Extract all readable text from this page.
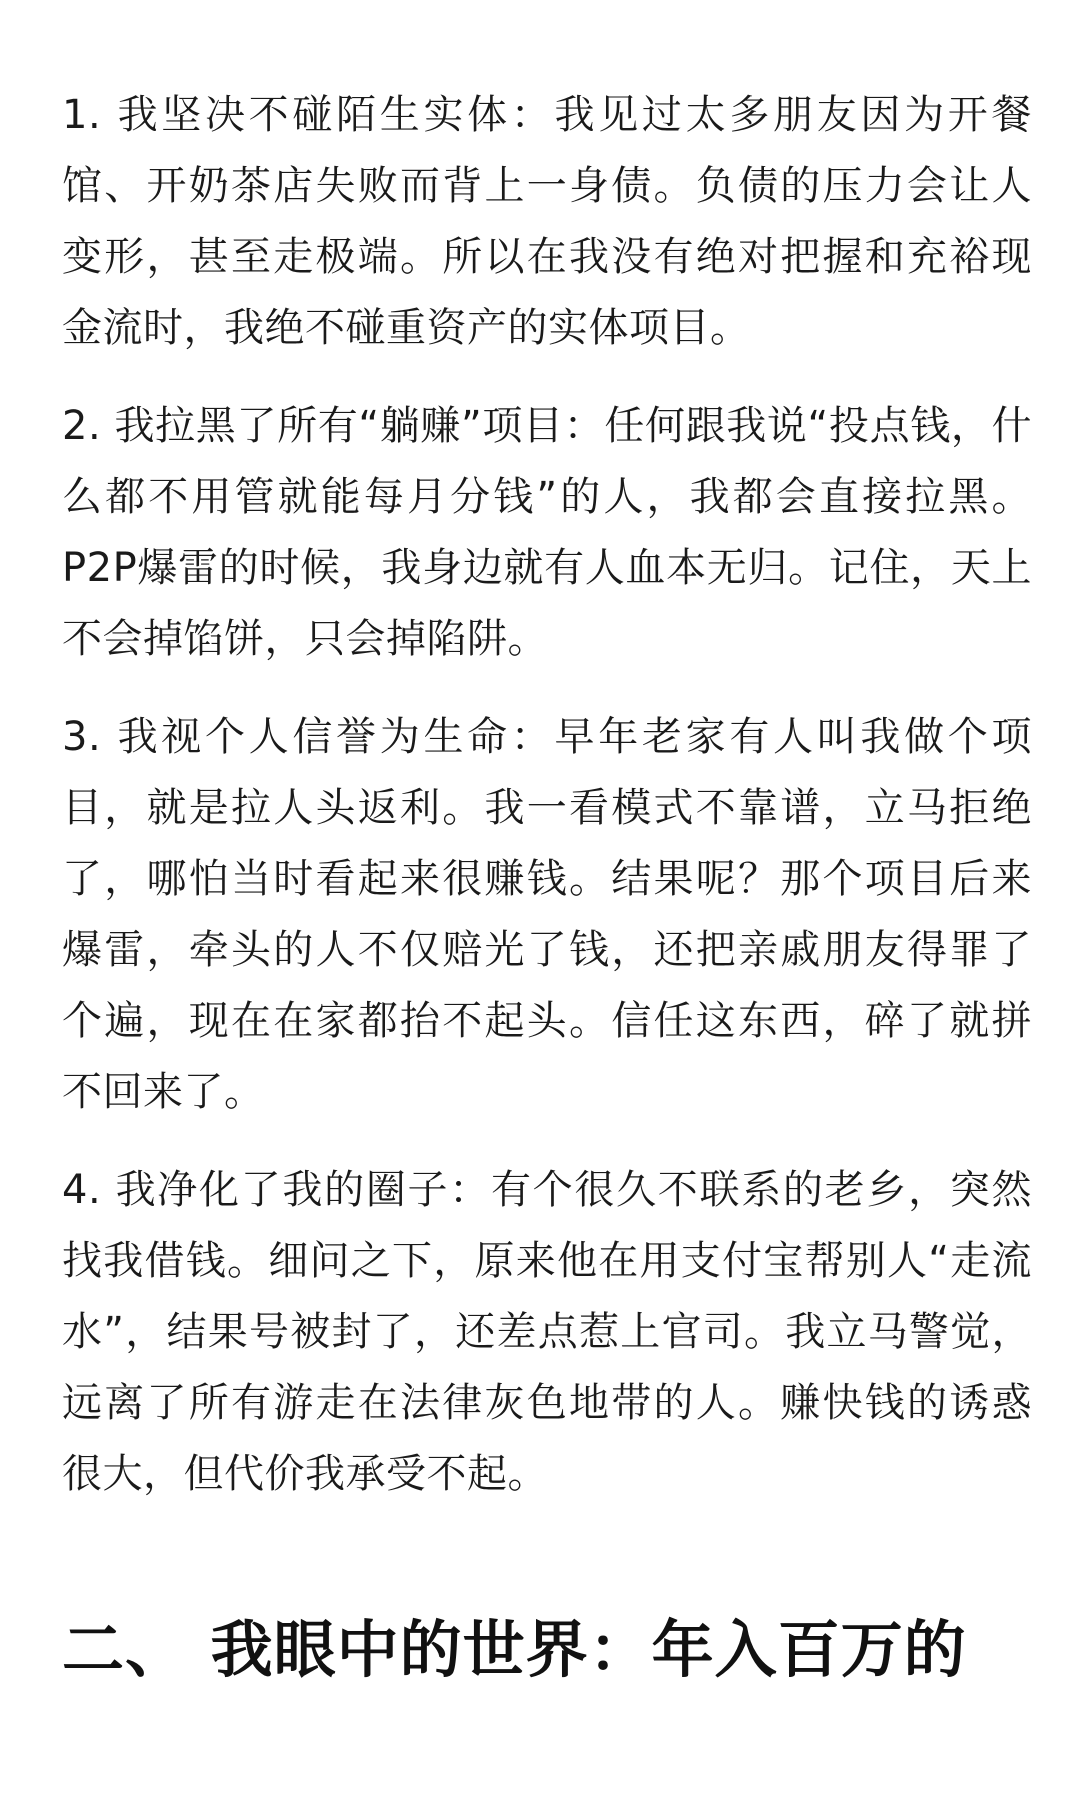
1. 我坚决不碰陌生实体：我见过太多朋友因为开餐馆、开奶茶店失败而背上一身债。负债的压力会让人变形，甚至走极端。所以在我没有绝对把握和充裕现金流时，我绝不碰重资产的实体项目。

2. 我拉黑了所有“躺赚”项目：任何跟我说“投点钱，什么都不用管就能每月分钱”的人，我都会直接拉黑。P2P爆雷的时候，我身边就有人血本无归。记住，天上不会掉馅饼，只会掉陷阱。

3. 我视个人信誉为生命：早年老家有人叫我做个项目，就是拉人头返利。我一看模式不靠谱，立马拒绝了，哪怕当时看起来很赚钱。结果呢？那个项目后来爆雷，牵头的人不仅赔光了钱，还把亲戚朋友得罪了个遍，现在在家都抬不起头。信任这东西，碎了就拼不回来了。

4. 我净化了我的圈子：有个很久不联系的老乡，突然找我借钱。细问之下，原来他在用支付宝帮别人“走流水”，结果号被封了，还差点惹上官司。我立马警觉，远离了所有游走在法律灰色地带的人。赚快钱的诱惑很大，但代价我承受不起。

二、 我眼中的世界：年入百万的
